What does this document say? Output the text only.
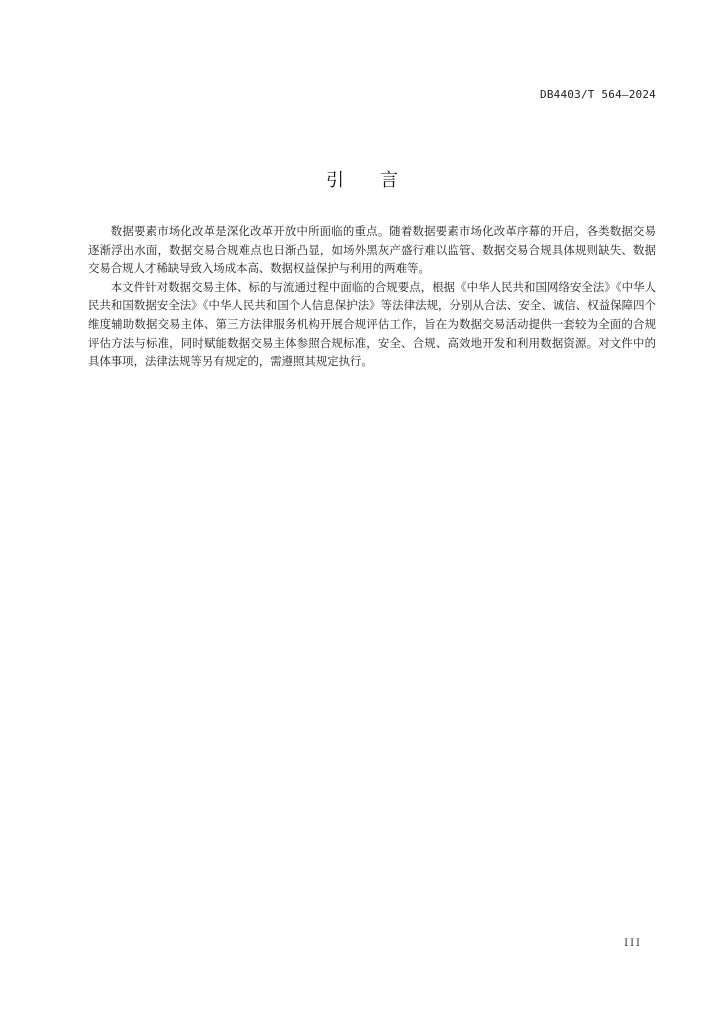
DB4403/T 564—2024
引言

数据要素市场化改革是深化改革开放中所面临的重点。随着数据要素市场化改革序幕的开启，各类数据交易逐渐浮出水面，数据交易合规难点也日渐凸显，如场外黑灰产盛行难以监管、数据交易合规具体规则缺失、数据交易合规人才稀缺导致入场成本高、数据权益保护与利用的两难等。

本文件针对数据交易主体、标的与流通过程中面临的合规要点，根据《中华人民共和国网络安全法》《中华人民共和国数据安全法》《中华人民共和国个人信息保护法》等法律法规，分别从合法、安全、诚信、权益保障四个维度辅助数据交易主体、第三方法律服务机构开展合规评估工作，旨在为数据交易活动提供一套较为全面的合规评估方法与标准，同时赋能数据交易主体参照合规标准，安全、合规、高效地开发和利用数据资源。对文件中的具体事项，法律法规等另有规定的，需遵照其规定执行。

III
